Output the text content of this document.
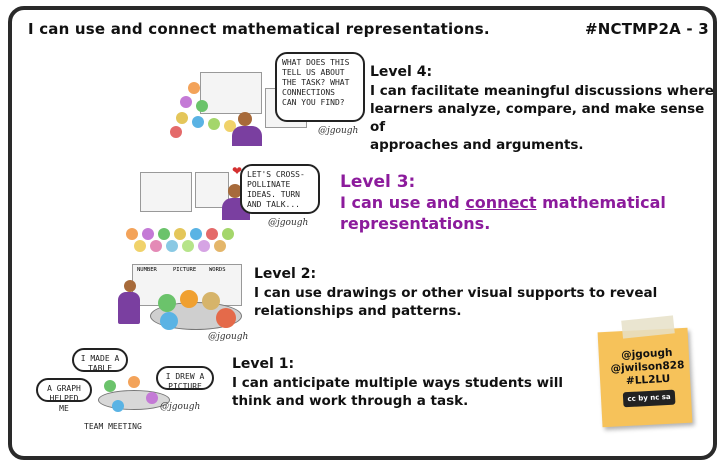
I can use and connect mathematical representations.	#NCTMP2A - 3
WHAT DOES THIS
TELL US ABOUT
THE TASK? WHAT
CONNECTIONS
CAN YOU FIND?
@jgough
Level 4:
I can facilitate meaningful discussions where
learners analyze, compare, and make sense of
approaches and arguments.
LET'S CROSS-
POLLINATE
IDEAS. TURN
AND TALK...
❤
@jgough
Level 3:
I can use and connect mathematical
representations.
NUMBER	PICTURE WORDS
@jgough
Level 2:
I can use drawings or other visual supports to reveal
relationships and patterns.
I MADE A TABLE
A GRAPH HELPED ME
I DREW A PICTURE
@jgough
TEAM MEETING
Level 1:
I can anticipate multiple ways students will
think and work through a task.
@jgough
@jwilson828
#LL2LU
cc by nc sa
